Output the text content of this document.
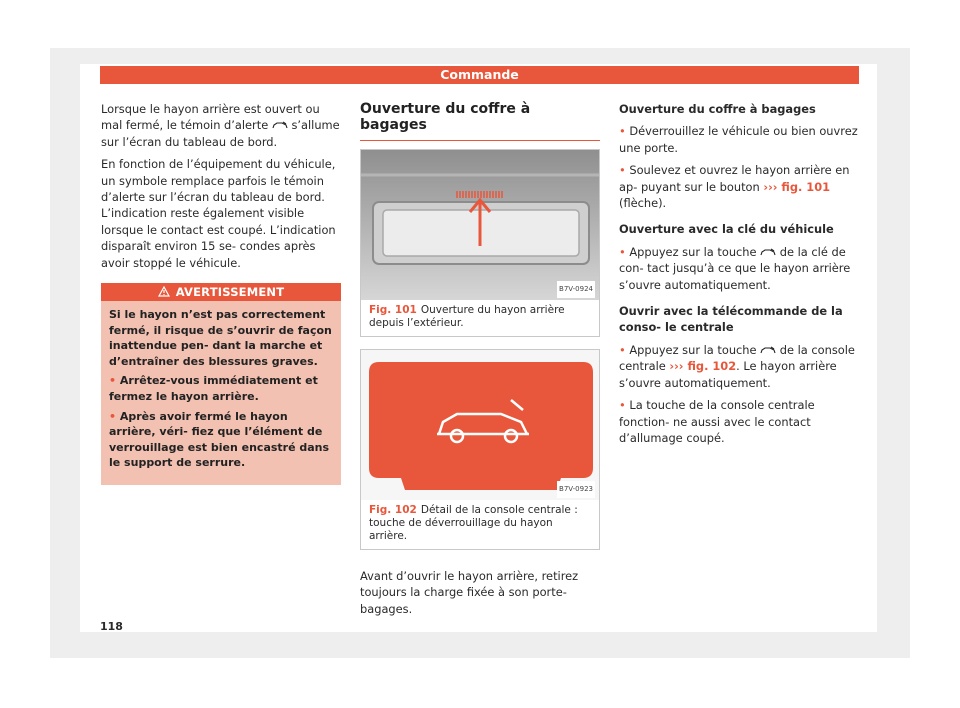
Commande

Lorsque le hayon arrière est ouvert ou mal fermé, le témoin d’alerte  s’allume sur l’écran du tableau de bord.

En fonction de l’équipement du véhicule, un symbole remplace parfois le témoin d’alerte sur l’écran du tableau de bord. L’indication reste également visible lorsque le contact est coupé. L’indication disparaît environ 15 se- condes après avoir stoppé le véhicule.

AVERTISSEMENT

Si le hayon n’est pas correctement fermé, il risque de s’ouvrir de façon inattendue pen- dant la marche et d’entraîner des blessures graves.

• Arrêtez-vous immédiatement et fermez le hayon arrière.

• Après avoir fermé le hayon arrière, véri- fiez que l’élément de verrouillage est bien encastré dans le support de serrure.

Ouverture du coffre à bagages
B7V-0924
Fig. 101 Ouverture du hayon arrière depuis l’extérieur.
B7V-0923
Fig. 102 Détail de la console centrale : touche de déverrouillage du hayon arrière.

Avant d’ouvrir le hayon arrière, retirez toujours la charge fixée à son porte-bagages.

Ouverture du coffre à bagages

• Déverrouillez le véhicule ou bien ouvrez une porte.

• Soulevez et ouvrez le hayon arrière en ap- puyant sur le bouton ››› fig. 101 (flèche).

Ouverture avec la clé du véhicule

• Appuyez sur la touche  de la clé de con- tact jusqu’à ce que le hayon arrière s’ouvre automatiquement.

Ouvrir avec la télécommande de la conso- le centrale

• Appuyez sur la touche  de la console centrale ››› fig. 102. Le hayon arrière s’ouvre automatiquement.

• La touche de la console centrale fonction- ne aussi avec le contact d’allumage coupé.

118
